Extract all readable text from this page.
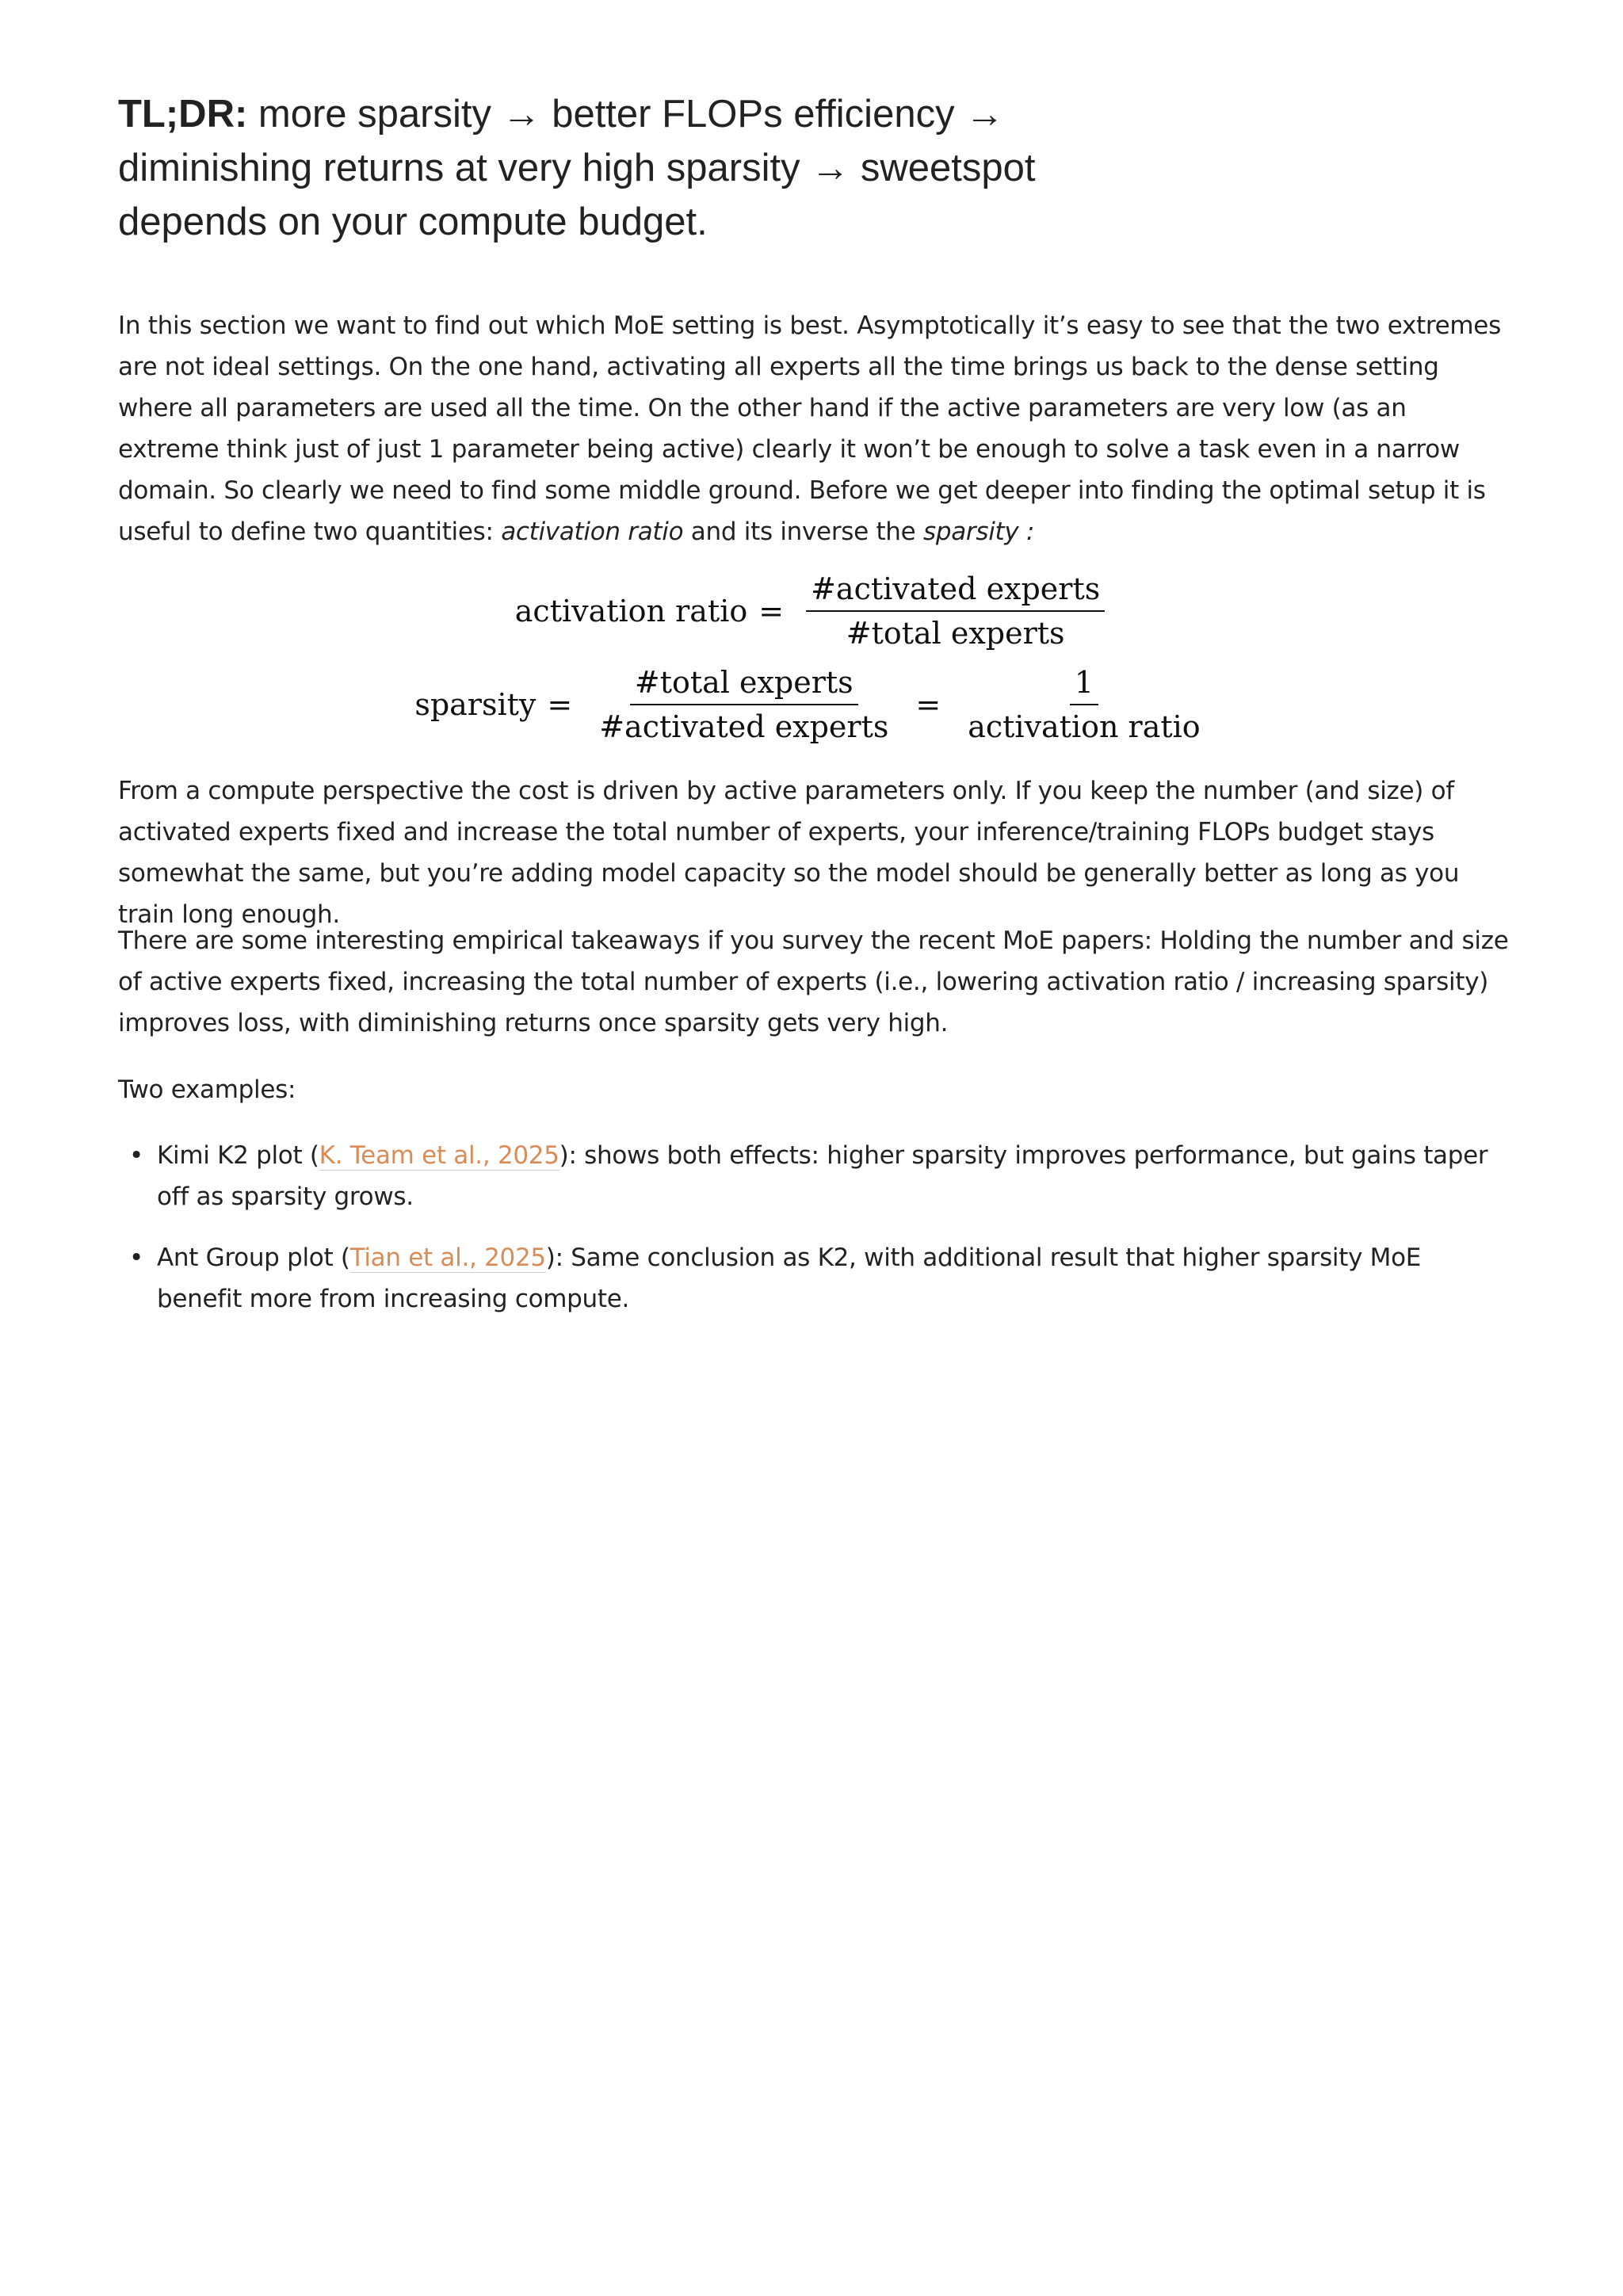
TL;DR: more sparsity → better FLOPs efficiency → diminishing returns at very high sparsity → sweetspot depends on your compute budget.

In this section we want to find out which MoE setting is best. Asymptotically it’s easy to see that the two extremes are not ideal settings. On the one hand, activating all experts all the time brings us back to the dense setting where all parameters are used all the time. On the other hand if the active parameters are very low (as an extreme think just of just 1 parameter being active) clearly it won’t be enough to solve a task even in a narrow domain. So clearly we need to find some middle ground. Before we get deeper into finding the optimal setup it is useful to define two quantities: activation ratio and its inverse the sparsity :

activation ratio = $\frac{\text{\#activated experts}}{\text{\#total experts}}$
sparsity = $\frac{\text{\#total experts}}{\text{\#activated experts}} = \frac{1}{\text{activation ratio}}$

From a compute perspective the cost is driven by active parameters only. If you keep the number (and size) of activated experts fixed and increase the total number of experts, your inference/training FLOPs budget stays somewhat the same, but you’re adding model capacity so the model should be generally better as long as you train long enough.

There are some interesting empirical takeaways if you survey the recent MoE papers: Holding the number and size of active experts fixed, increasing the total number of experts (i.e., lowering activation ratio / increasing sparsity) improves loss, with diminishing returns once sparsity gets very high.

Two examples:

• Kimi K2 plot (K. Team et al., 2025): shows both effects: higher sparsity improves performance, but gains taper off as sparsity grows.
• Ant Group plot (Tian et al., 2025): Same conclusion as K2, with additional result that higher sparsity MoE benefit more from increasing compute.
